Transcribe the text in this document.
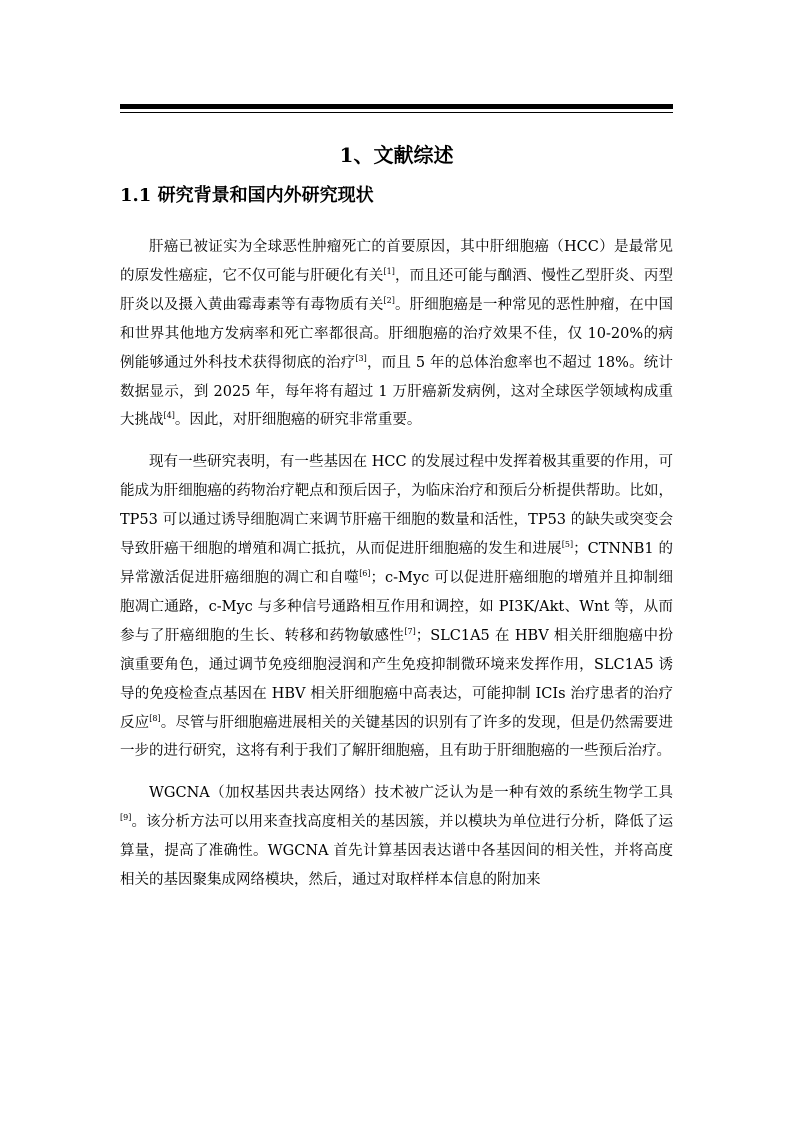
1、文献综述
1.1 研究背景和国内外研究现状

肝癌已被证实为全球恶性肿瘤死亡的首要原因，其中肝细胞癌（HCC）是最常见的原发性癌症，它不仅可能与肝硬化有关[1]，而且还可能与酗酒、慢性乙型肝炎、丙型肝炎以及摄入黄曲霉毒素等有毒物质有关[2]。肝细胞癌是一种常见的恶性肿瘤，在中国和世界其他地方发病率和死亡率都很高。肝细胞癌的治疗效果不佳，仅 10-20%的病例能够通过外科技术获得彻底的治疗[3]，而且 5 年的总体治愈率也不超过 18%。统计数据显示，到 2025 年，每年将有超过 1 万肝癌新发病例，这对全球医学领域构成重大挑战[4]。因此，对肝细胞癌的研究非常重要。

现有一些研究表明，有一些基因在 HCC 的发展过程中发挥着极其重要的作用，可能成为肝细胞癌的药物治疗靶点和预后因子，为临床治疗和预后分析提供帮助。比如，TP53 可以通过诱导细胞凋亡来调节肝癌干细胞的数量和活性，TP53 的缺失或突变会导致肝癌干细胞的增殖和凋亡抵抗，从而促进肝细胞癌的发生和进展[5]；CTNNB1 的异常激活促进肝癌细胞的凋亡和自噬[6]；c-Myc 可以促进肝癌细胞的增殖并且抑制细胞凋亡通路，c-Myc 与多种信号通路相互作用和调控，如 PI3K/Akt、Wnt 等，从而参与了肝癌细胞的生长、转移和药物敏感性[7]；SLC1A5 在 HBV 相关肝细胞癌中扮演重要角色，通过调节免疫细胞浸润和产生免疫抑制微环境来发挥作用，SLC1A5 诱导的免疫检查点基因在 HBV 相关肝细胞癌中高表达，可能抑制 ICIs 治疗患者的治疗反应[8]。尽管与肝细胞癌进展相关的关键基因的识别有了许多的发现，但是仍然需要进一步的进行研究，这将有利于我们了解肝细胞癌，且有助于肝细胞癌的一些预后治疗。

WGCNA（加权基因共表达网络）技术被广泛认为是一种有效的系统生物学工具[9]。该分析方法可以用来查找高度相关的基因簇，并以模块为单位进行分析，降低了运算量，提高了准确性。WGCNA 首先计算基因表达谱中各基因间的相关性，并将高度相关的基因聚集成网络模块，然后，通过对取样样本信息的附加来
